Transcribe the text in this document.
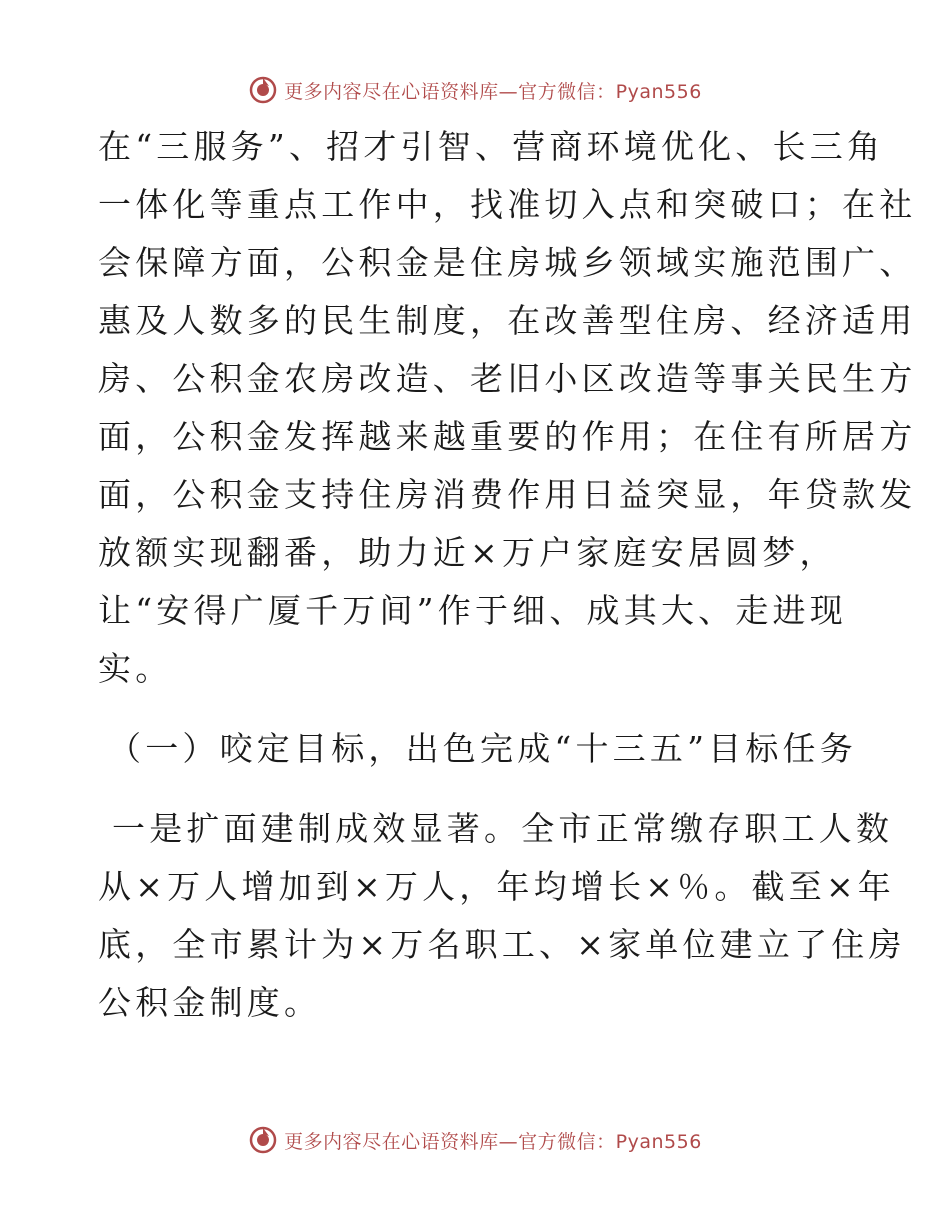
更多内容尽在心语资料库—官方微信：Pyan556
在“三服务”、招才引智、营商环境优化、长三角
一体化等重点工作中，找准切入点和突破口；在社
会保障方面，公积金是住房城乡领域实施范围广、
惠及人数多的民生制度，在改善型住房、经济适用
房、公积金农房改造、老旧小区改造等事关民生方
面，公积金发挥越来越重要的作用；在住有所居方
面，公积金支持住房消费作用日益突显，年贷款发
放额实现翻番，助力近×万户家庭安居圆梦，
让“安得广厦千万间”作于细、成其大、走进现
实。
（一）咬定目标，出色完成“十三五”目标任务
一是扩面建制成效显著。全市正常缴存职工人数
从×万人增加到×万人，年均增长×％。截至×年
底，全市累计为×万名职工、×家单位建立了住房
公积金制度。
更多内容尽在心语资料库—官方微信：Pyan556
